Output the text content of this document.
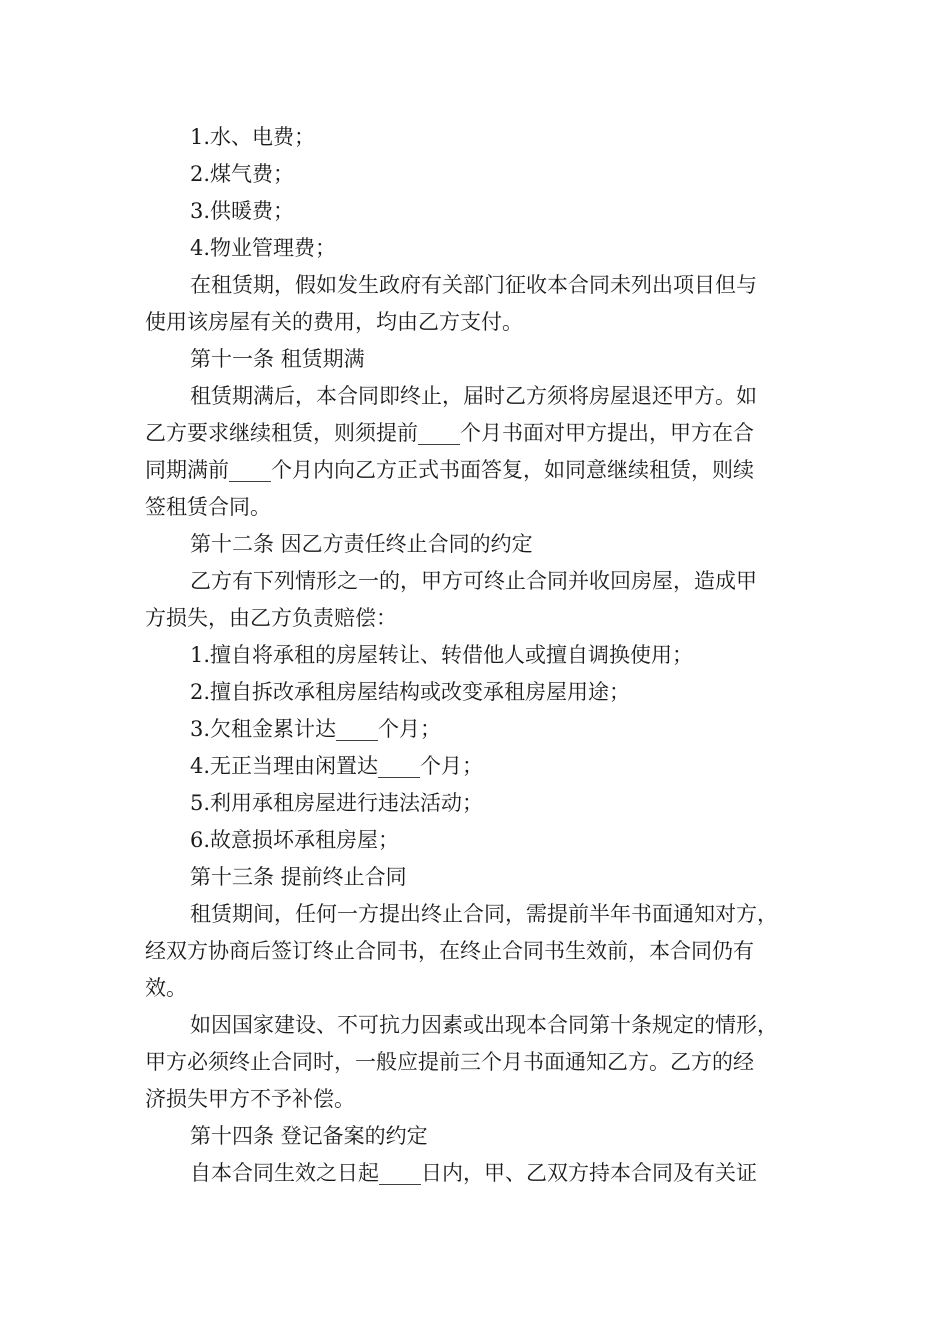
1.水、电费；
2.煤气费；
3.供暖费；
4.物业管理费；
在租赁期，假如发生政府有关部门征收本合同未列出项目但与
使用该房屋有关的费用，均由乙方支付。
第十一条 租赁期满
租赁期满后，本合同即终止，届时乙方须将房屋退还甲方。如
乙方要求继续租赁，则须提前____个月书面对甲方提出，甲方在合
同期满前____个月内向乙方正式书面答复，如同意继续租赁，则续
签租赁合同。
第十二条 因乙方责任终止合同的约定
乙方有下列情形之一的，甲方可终止合同并收回房屋，造成甲
方损失，由乙方负责赔偿：
1.擅自将承租的房屋转让、转借他人或擅自调换使用；
2.擅自拆改承租房屋结构或改变承租房屋用途；
3.欠租金累计达____个月；
4.无正当理由闲置达____个月；
5.利用承租房屋进行违法活动；
6.故意损坏承租房屋；
第十三条 提前终止合同
租赁期间，任何一方提出终止合同，需提前半年书面通知对方，
经双方协商后签订终止合同书，在终止合同书生效前，本合同仍有
效。
如因国家建设、不可抗力因素或出现本合同第十条规定的情形，
甲方必须终止合同时，一般应提前三个月书面通知乙方。乙方的经
济损失甲方不予补偿。
第十四条 登记备案的约定
自本合同生效之日起____日内，甲、乙双方持本合同及有关证
